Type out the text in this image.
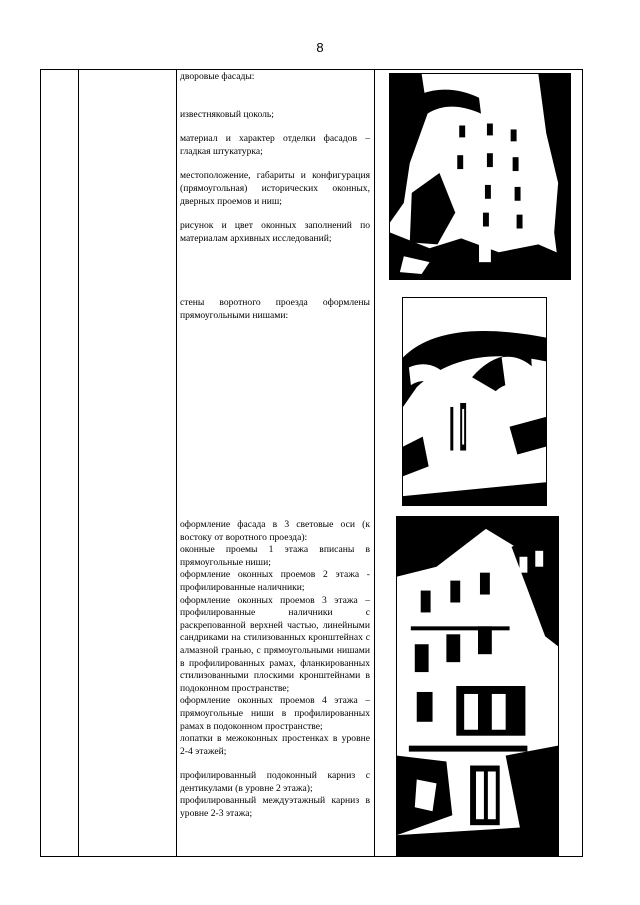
8

дворовые фасады:

известняковый цоколь;

материал и характер отделки фасадов – гладкая штукатурка;

местоположение, габариты и конфигурация (прямоугольная) исторических оконных, дверных проемов и ниш;

рисунок и цвет оконных заполнений по материалам архивных исследований;

стены воротного проезда оформлены прямоугольными нишами:

оформление фасада в 3 световые оси (к востоку от воротного проезда):

оконные проемы 1 этажа вписаны в прямоугольные ниши;

оформление оконных проемов 2 этажа - профилированные наличники;

оформление оконных проемов 3 этажа – профилированные наличники с раскрепованной верхней частью, линейными сандриками на стилизованных кронштейнах с алмазной гранью, с прямоугольными нишами в профилированных рамах, фланкированных стилизованными плоскими кронштейнами в подоконном пространстве;

оформление оконных проемов 4 этажа – прямоугольные ниши в профилированных рамах в подоконном пространстве;

лопатки в межоконных простенках в уровне 2-4 этажей;

профилированный подоконный карниз с дентикулами (в уровне 2 этажа);

профилированный междуэтажный карниз в уровне 2-3 этажа;
